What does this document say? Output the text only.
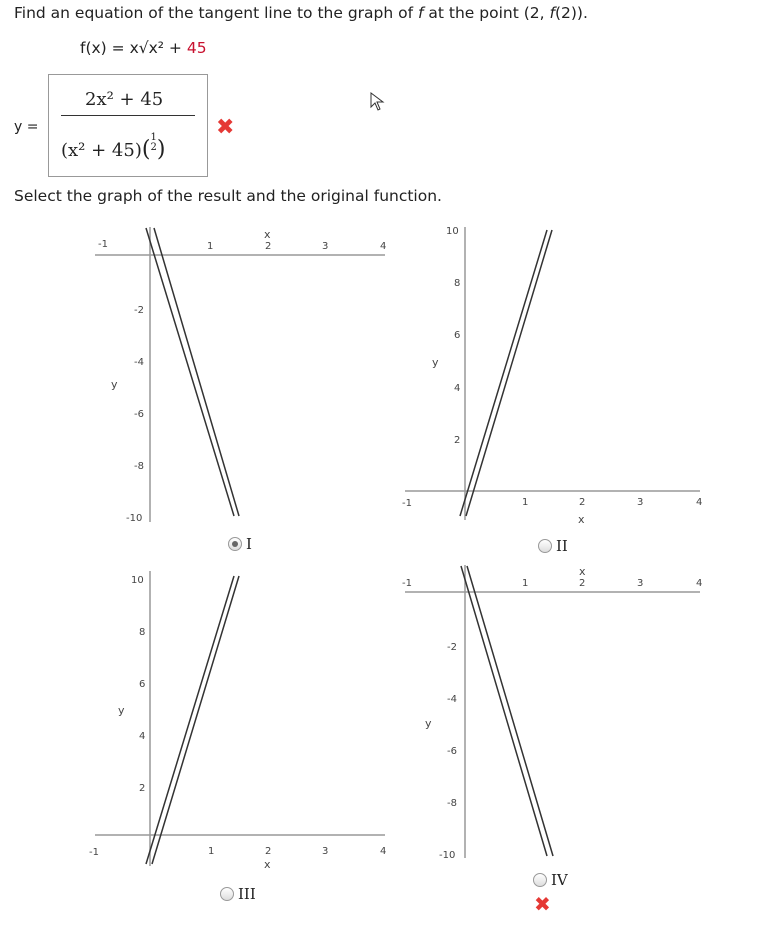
Find an equation of the tangent line to the graph of f at the point (2, f(2)).
f(x) = x√x² + 45
y =
2x² + 45
(x² + 45)(1
2)
✖
Select the graph of the result and the original function.
-1	1	2
x
3	4
-2
-4
y
-6
-8
-10
I
10
8
6
y
4
2
-1	1	2
x
3	4
II
10
8
6
y
4
2
-1	1	2
x
3	4
III
-1	1	2
x
3	4
-2
-4
y
-6
-8
-10
IV
✖
